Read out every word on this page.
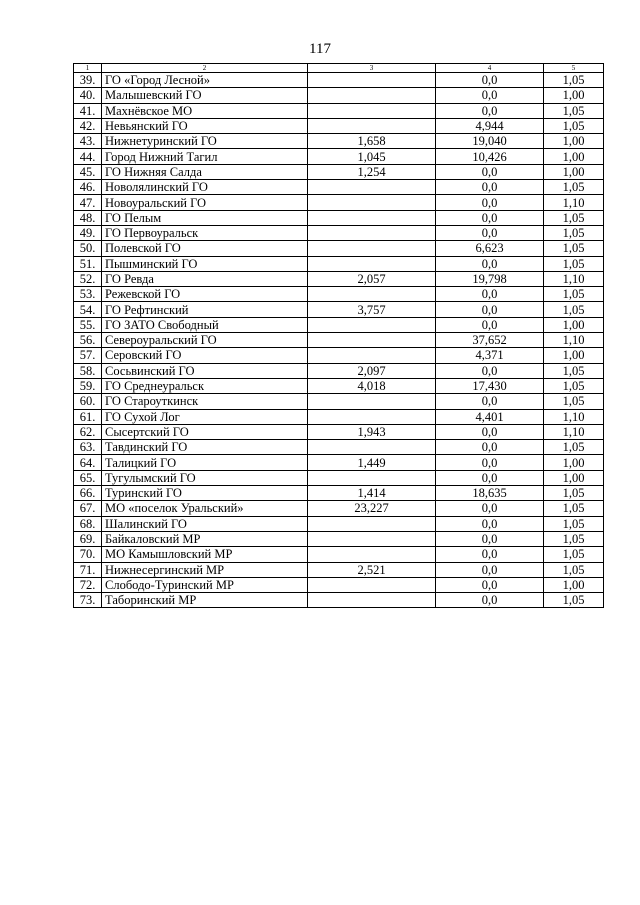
117
1	2	3	4	5
39.	ГО «Город Лесной»		0,0	1,05
40.	Малышевский ГО		0,0	1,00
41.	Махнёвское МО		0,0	1,05
42.	Невьянский ГО		4,944	1,05
43.	Нижнетуринский ГО	1,658	19,040	1,00
44.	Город Нижний Тагил	1,045	10,426	1,00
45.	ГО Нижняя Салда	1,254	0,0	1,00
46.	Новолялинский ГО		0,0	1,05
47.	Новоуральский ГО		0,0	1,10
48.	ГО Пелым		0,0	1,05
49.	ГО Первоуральск		0,0	1,05
50.	Полевской ГО		6,623	1,05
51.	Пышминский ГО		0,0	1,05
52.	ГО Ревда	2,057	19,798	1,10
53.	Режевской ГО		0,0	1,05
54.	ГО Рефтинский	3,757	0,0	1,05
55.	ГО ЗАТО Свободный		0,0	1,00
56.	Североуральский ГО		37,652	1,10
57.	Серовский ГО		4,371	1,00
58.	Сосьвинский ГО	2,097	0,0	1,05
59.	ГО Среднеуральск	4,018	17,430	1,05
60.	ГО Староуткинск		0,0	1,05
61.	ГО Сухой Лог		4,401	1,10
62.	Сысертский ГО	1,943	0,0	1,10
63.	Тавдинский ГО		0,0	1,05
64.	Талицкий ГО	1,449	0,0	1,00
65.	Тугулымский ГО		0,0	1,00
66.	Туринский ГО	1,414	18,635	1,05
67.	МО «поселок Уральский»	23,227	0,0	1,05
68.	Шалинский ГО		0,0	1,05
69.	Байкаловский МР		0,0	1,05
70.	МО Камышловский МР		0,0	1,05
71.	Нижнесергинский МР	2,521	0,0	1,05
72.	Слободо-Туринский МР		0,0	1,00
73.	Таборинский МР		0,0	1,05
